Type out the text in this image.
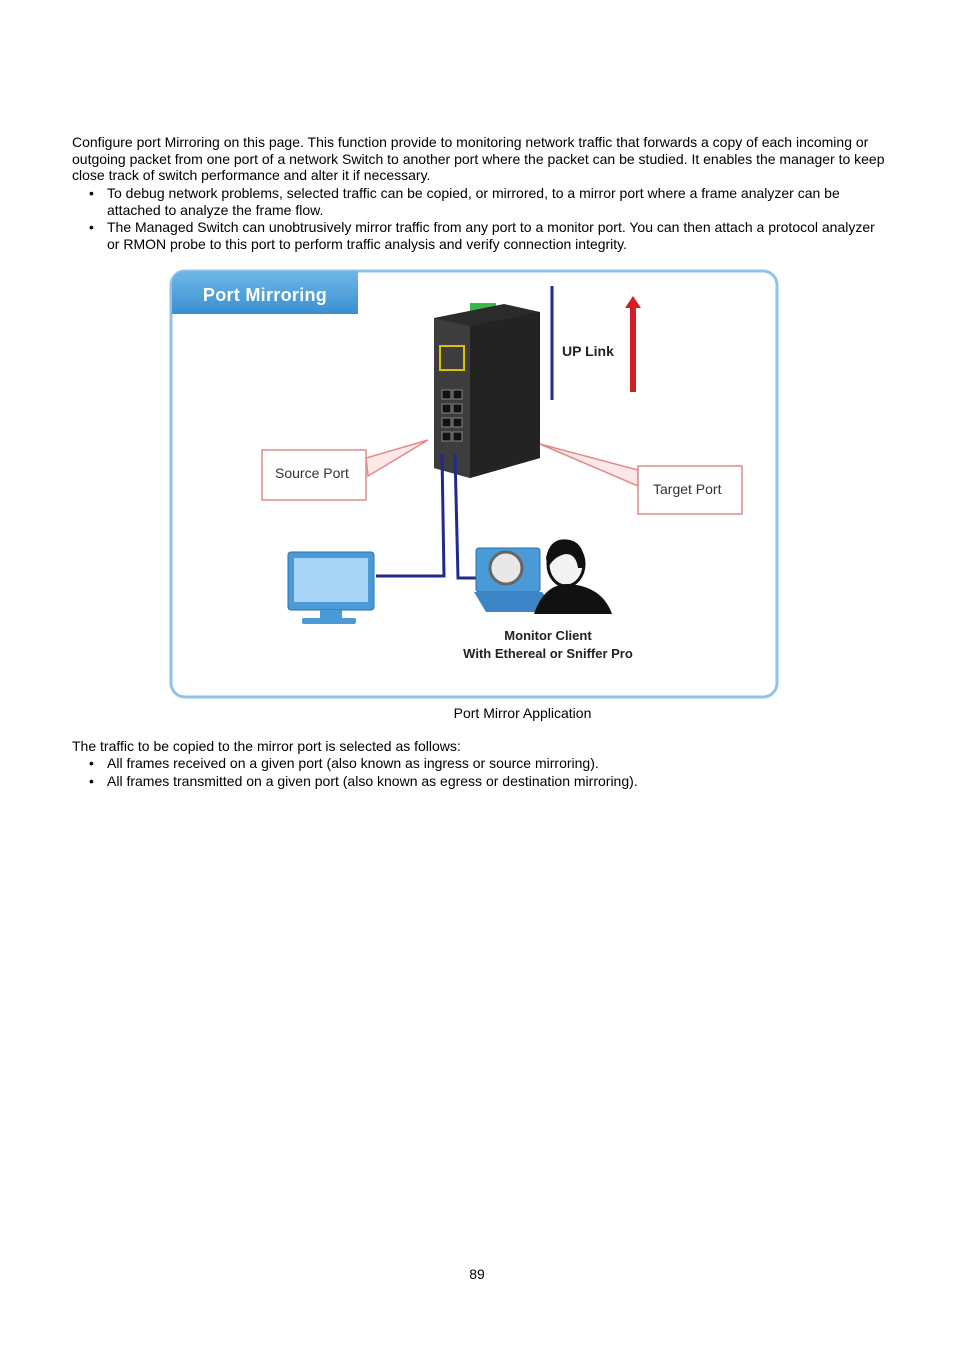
Configure port Mirroring on this page. This function provide to monitoring network traffic that forwards a copy of each incoming or outgoing packet from one port of a network Switch to another port where the packet can be studied. It enables the manager to keep close track of switch performance and alter it if necessary.

• To debug network problems, selected traffic can be copied, or mirrored, to a mirror port where a frame analyzer can be attached to analyze the frame flow.
• The Managed Switch can unobtrusively mirror traffic from any port to a monitor port. You can then attach a protocol analyzer or RMON probe to this port to perform traffic analysis and verify connection integrity.
Port Mirroring
UP Link
Source Port
Target Port
Monitor Client
With Ethereal or Sniffer Pro
Port Mirror Application

The traffic to be copied to the mirror port is selected as follows:

• All frames received on a given port (also known as ingress or source mirroring).
• All frames transmitted on a given port (also known as egress or destination mirroring).
89
